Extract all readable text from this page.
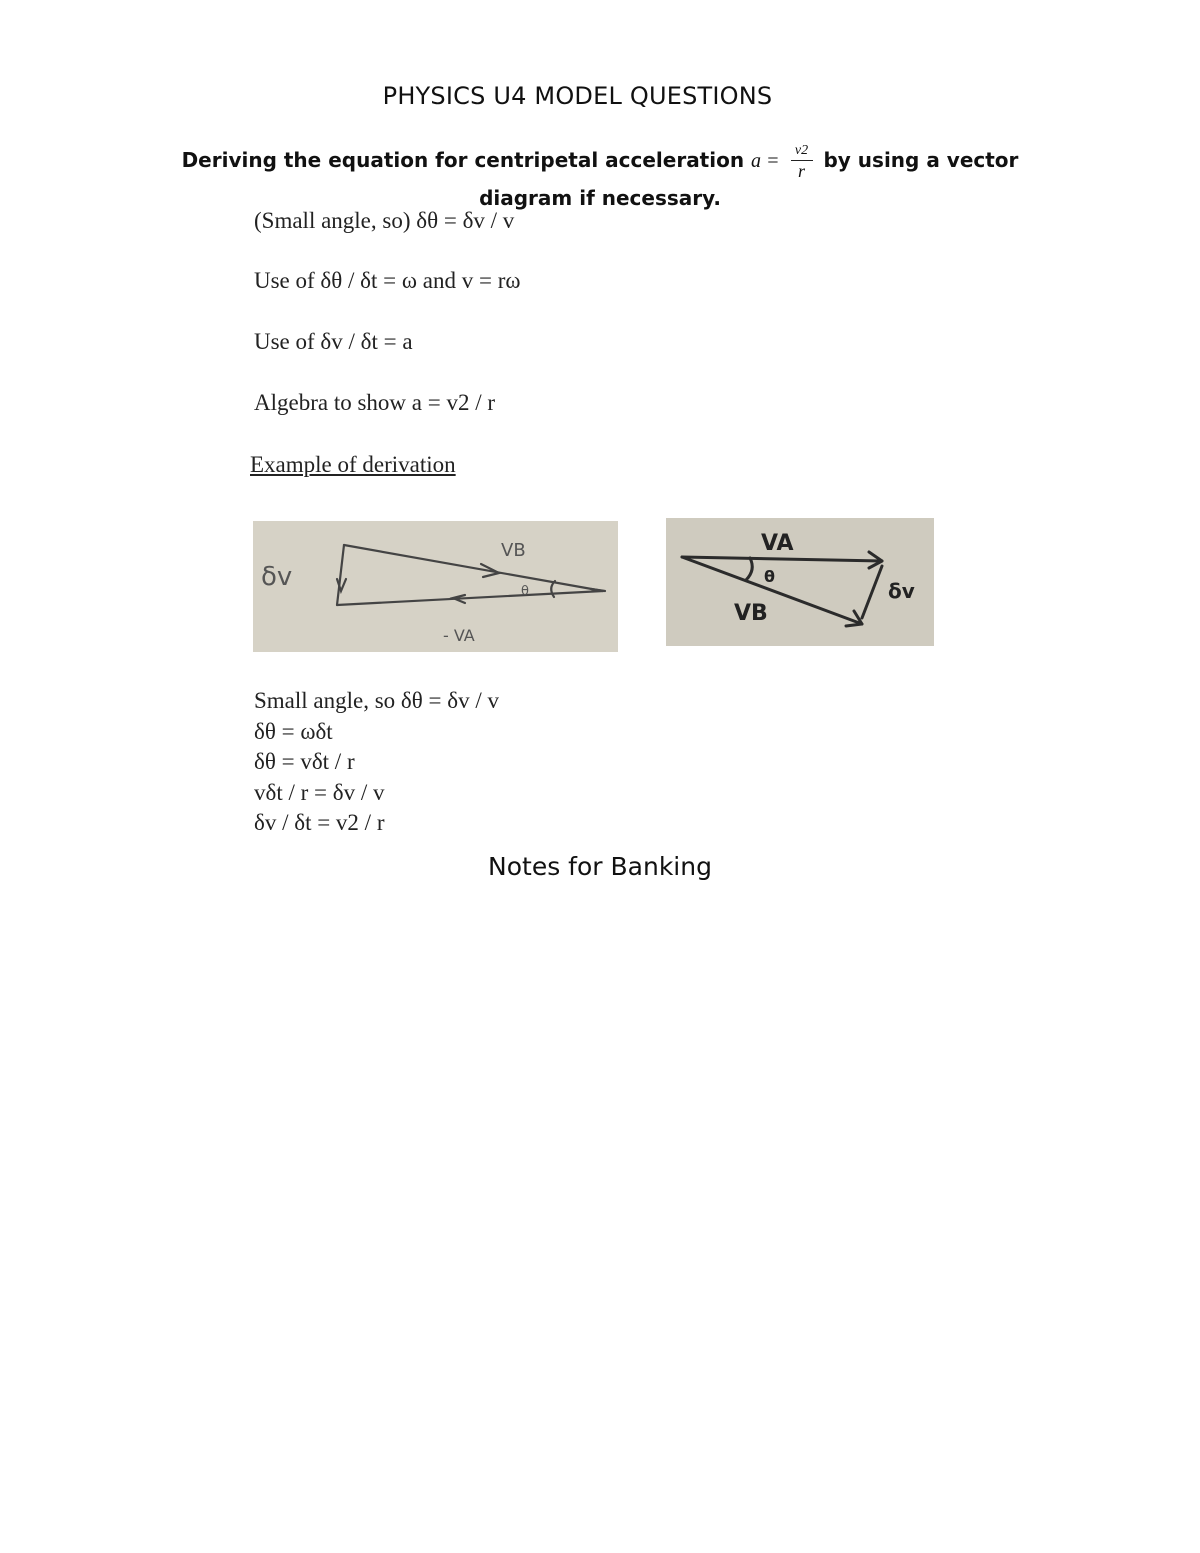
PHYSICS U4 MODEL QUESTIONS
Deriving the equation for centripetal acceleration $a = \frac{v2}{r}$ by using a vector
diagram if necessary.
(Small angle, so) δθ = δv / v
Use of δθ / δt = ω and v = rω
Use of δv / δt = a
Algebra to show a = v2 / r
Example of derivation
δv
VB
θ
- VA
VA
θ
VB
δv
Small angle, so δθ = δv / v
δθ = ωδt
δθ = vδt / r
vδt / r = δv / v
δv / δt = v2 / r
Notes for Banking
